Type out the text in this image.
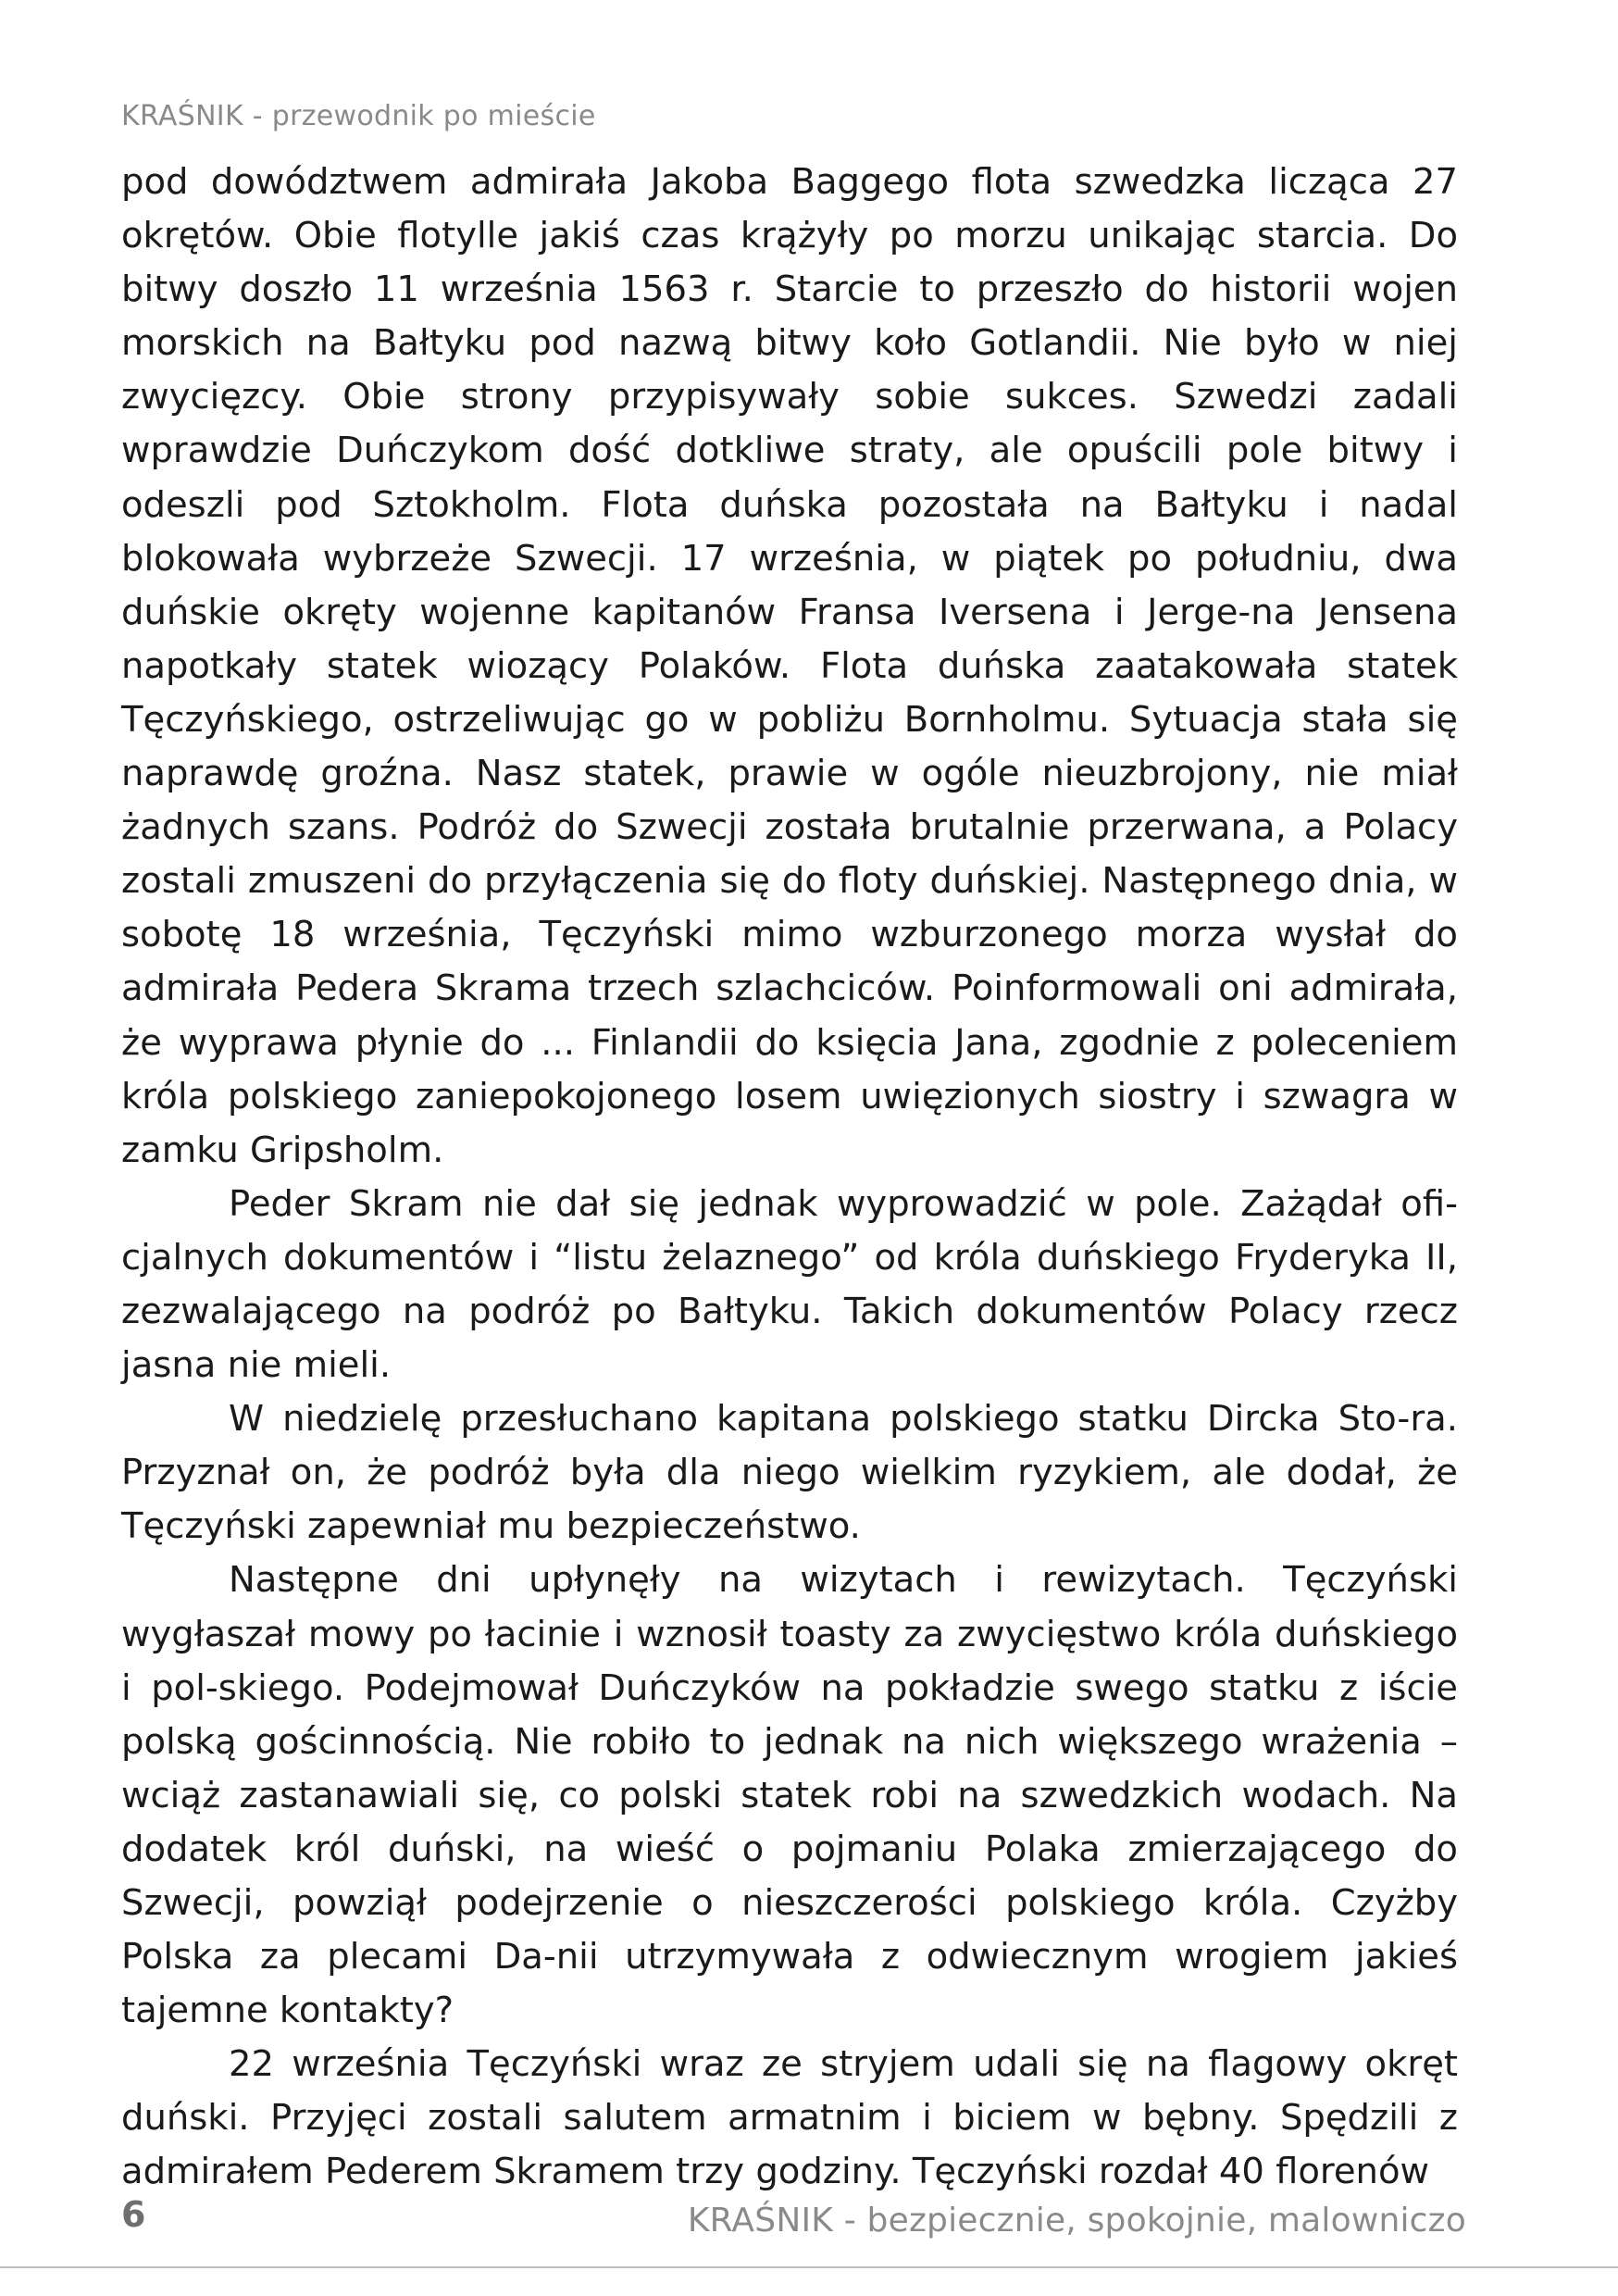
KRAŚNIK - przewodnik po mieście

pod dowództwem admirała Jakoba Baggego flota szwedzka licząca 27 okrętów. Obie flotylle jakiś czas krążyły po morzu unikając starcia. Do bitwy doszło 11 września 1563 r. Starcie to przeszło do historii wojen morskich na Bałtyku pod nazwą bitwy koło Gotlandii. Nie było w niej zwycięzcy. Obie strony przypisywały sobie sukces. Szwedzi zadali wprawdzie Duńczykom dość dotkliwe straty, ale opuścili pole bitwy i odeszli pod Sztokholm. Flota duńska pozostała na Bałtyku i nadal blokowała wybrzeże Szwecji. 17 września, w piątek po południu, dwa duńskie okręty wojenne kapitanów Fransa Iversena i Jerge-na Jensena napotkały statek wiozący Polaków. Flota duńska zaatakowała statek Tęczyńskiego, ostrzeliwując go w pobliżu Bornholmu. Sytuacja stała się naprawdę groźna. Nasz statek, prawie w ogóle nieuzbrojony, nie miał żadnych szans. Podróż do Szwecji została brutalnie przerwana, a Polacy zostali zmuszeni do przyłączenia się do floty duńskiej. Następnego dnia, w sobotę 18 września, Tęczyński mimo wzburzonego morza wysłał do admirała Pedera Skrama trzech szlachciców. Poinformowali oni admirała, że wyprawa płynie do ... Finlandii do księcia Jana, zgodnie z poleceniem króla polskiego zaniepokojonego losem uwięzionych siostry i szwagra w zamku Gripsholm.

Peder Skram nie dał się jednak wyprowadzić w pole. Zażądał ofi-cjalnych dokumentów i “listu żelaznego” od króla duńskiego Fryderyka II, zezwalającego na podróż po Bałtyku. Takich dokumentów Polacy rzecz jasna nie mieli.

W niedzielę przesłuchano kapitana polskiego statku Dircka Sto-ra. Przyznał on, że podróż była dla niego wielkim ryzykiem, ale dodał, że Tęczyński zapewniał mu bezpieczeństwo.

Następne dni upłynęły na wizytach i rewizytach. Tęczyński wygłaszał mowy po łacinie i wznosił toasty za zwycięstwo króla duńskiego i pol-skiego. Podejmował Duńczyków na pokładzie swego statku z iście polską gościnnością. Nie robiło to jednak na nich większego wrażenia – wciąż zastanawiali się, co polski statek robi na szwedzkich wodach. Na dodatek król duński, na wieść o pojmaniu Polaka zmierzającego do Szwecji, powziął podejrzenie o nieszczerości polskiego króla. Czyżby Polska za plecami Da-nii utrzymywała z odwiecznym wrogiem jakieś tajemne kontakty?

22 września Tęczyński wraz ze stryjem udali się na flagowy okręt duński. Przyjęci zostali salutem armatnim i biciem w bębny. Spędzili z admirałem Pederem Skramem trzy godziny. Tęczyński rozdał 40 florenów

6	KRAŚNIK - bezpiecznie, spokojnie, malowniczo
